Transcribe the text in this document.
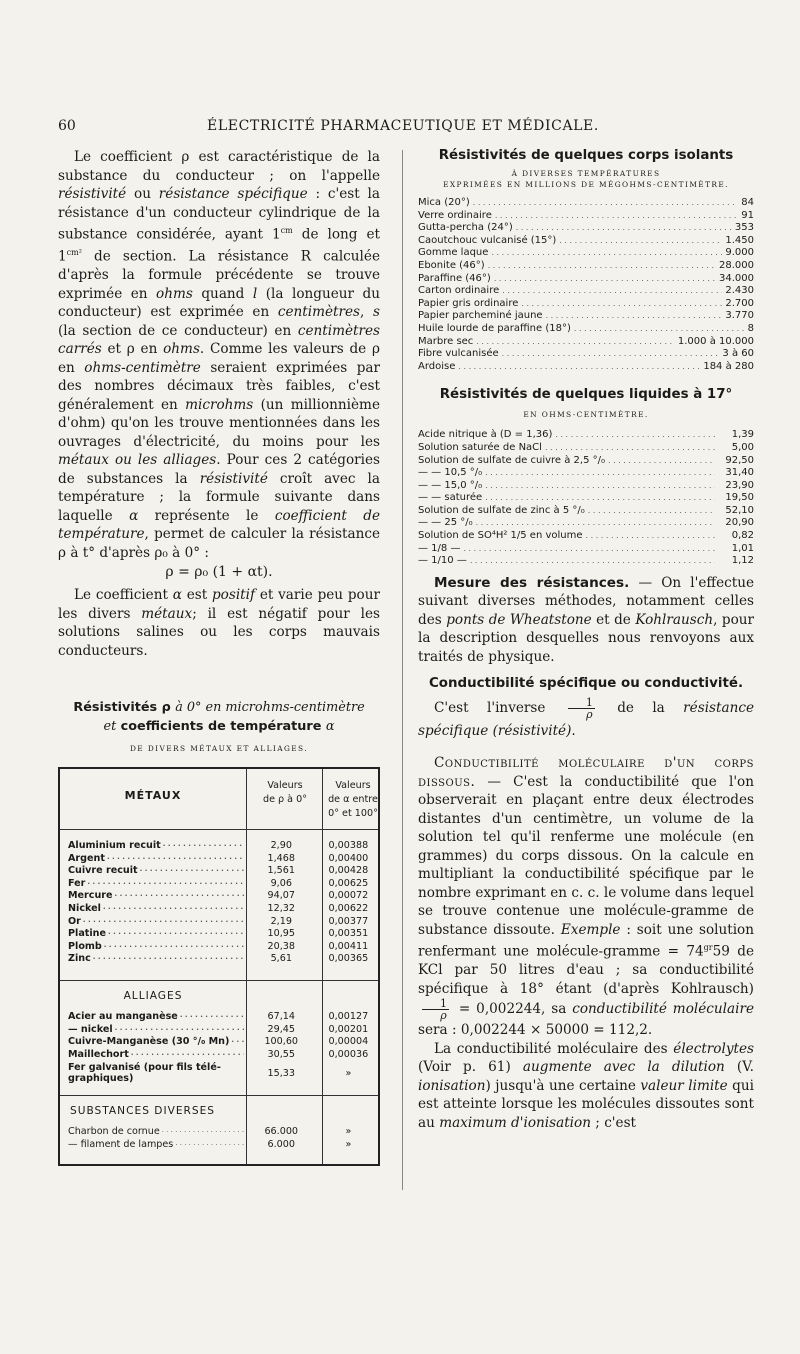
60	ÉLECTRICITÉ PHARMACEUTIQUE ET MÉDICALE.

Le coefficient ρ est caractéristique de la substance du conducteur ; on l'appelle résistivité ou résistance spécifique : c'est la résistance d'un conducteur cylindrique de la substance considérée, ayant $1^{cm}$ de long et $1^{cm^2}$ de section. La résistance R calculée d'après la formule précédente se trouve exprimée en ohms quand l (la longueur du conducteur) est exprimée en centimètres, s (la section de ce conducteur) en centimètres carrés et ρ en ohms. Comme les valeurs de ρ en ohms-centimètre seraient exprimées par des nombres décimaux très faibles, c'est généralement en microhms (un millionnième d'ohm) qu'on les trouve mentionnées dans les ouvrages d'électricité, du moins pour les métaux ou les alliages. Pour ces 2 catégories de substances la résistivité croît avec la température ; la formule suivante dans laquelle α représente le coefficient de température, permet de calculer la résistance ρ à t° d'après ρ₀ à 0° :

ρ = ρ₀ (1 + αt).

Le coefficient α est positif et varie peu pour les divers métaux; il est négatif pour les solutions salines ou les corps mauvais conducteurs.

Résistivités ρ à 0° en microhms-centimètre
et coefficients de température α
DE DIVERS MÉTAUX ET ALLIAGES.
MÉTAUX
Valeurs
de ρ à 0°
Valeurs
de α entre
0° et 100°
Aluminium recuit . . .	2,90	0,00388
Argent . . .	1,468	0,00400
Cuivre recuit . . .	1,561	0,00428
Fer . . .	9,06	0,00625
Mercure . . .	94,07	0,00072
Nickel . . .	12,32	0,00622
Or . . .	2,19	0,00377
Platine . . .	10,95	0,00351
Plomb . . .	20,38	0,00411
Zinc . . .	5,61	0,00365
ALLIAGES
Acier au manganèse . . .	67,14	0,00127
— nickel . . .	29,45	0,00201
Cuivre-Manganèse (30 °/₀ Mn) . . .	100,60	0,00004
Maillechort . . .	30,55	0,00036
Fer galvanisé (pour fils télé-
graphiques)	15,33	»
SUBSTANCES DIVERSES
Charbon de cornue . . .	66.000	»
— filament de lampes . . .	6.000	»
Résistivités de quelques corps isolants
À DIVERSES TEMPÉRATURES
EXPRIMÉES EN MILLIONS DE MÉGOHMS-CENTIMÈTRE.
Mica (20°) . . .	84
Verre ordinaire . . .	91
Gutta-percha (24°) . . .	353
Caoutchouc vulcanisé (15°) . . .	1.450
Gomme laque . . .	9.000
Ebonite (46°) . . .	28.000
Paraffine (46°) . . .	34.000
Carton ordinaire . . .	2.430
Papier gris ordinaire . . .	2.700
Papier parcheminé jaune . . .	3.770
Huile lourde de paraffine (18°) . . .	8
Marbre sec . . .	1.000 à 10.000
Fibre vulcanisée . . .	3 à 60
Ardoise . . .	184 à 280
Résistivités de quelques liquides à 17°
EN OHMS-CENTIMÈTRE.
Acide nitrique à (D = 1,36) . . .	1,39
Solution saturée de NaCl . . .	5,00
Solution de sulfate de cuivre à 2,5 °/₀ . . .	92,50
— — 10,5 °/₀ . . .	31,40
— — 15,0 °/₀ . . .	23,90
— — saturée . . .	19,50
Solution de sulfate de zinc à 5 °/₀ . . .	52,10
— — 25 °/₀ . . .	20,90
Solution de SO⁴H² 1/5 en volume . . .	0,82
— 1/8 — . . .	1,01
— 1/10 — . . .	1,12

Mesure des résistances. — On l'effectue suivant diverses méthodes, notamment celles des ponts de Wheatstone et de Kohlrausch, pour la description desquelles nous renvoyons aux traités de physique.

Conductibilité spécifique ou conductivité.

C'est l'inverse $\frac{1}{\rho}$ de la résistance spécifique (résistivité).

Conductibilité moléculaire d'un corps dissous. — C'est la conductibilité que l'on observerait en plaçant entre deux électrodes distantes d'un centimètre, un volume de la solution tel qu'il renferme une molécule (en grammes) du corps dissous. On la calcule en multipliant la conductibilité spécifique par le nombre exprimant en c. c. le volume dans lequel se trouve contenue une molécule-gramme de substance dissoute. Exemple : soit une solution renfermant une molécule-gramme = $74^{gr}59$ de KCl par 50 litres d'eau ; sa conductibilité spécifique à 18° étant (d'après Kohlrausch)
$\frac{1}{\rho} = 0,002244$, sa conductibilité moléculaire sera : 0,002244 × 50000 = 112,2.

La conductibilité moléculaire des électrolytes (Voir p. 61) augmente avec la dilution (V. ionisation) jusqu'à une certaine valeur limite qui est atteinte lorsque les molécules dissoutes sont au maximum d'ionisation ; c'est
